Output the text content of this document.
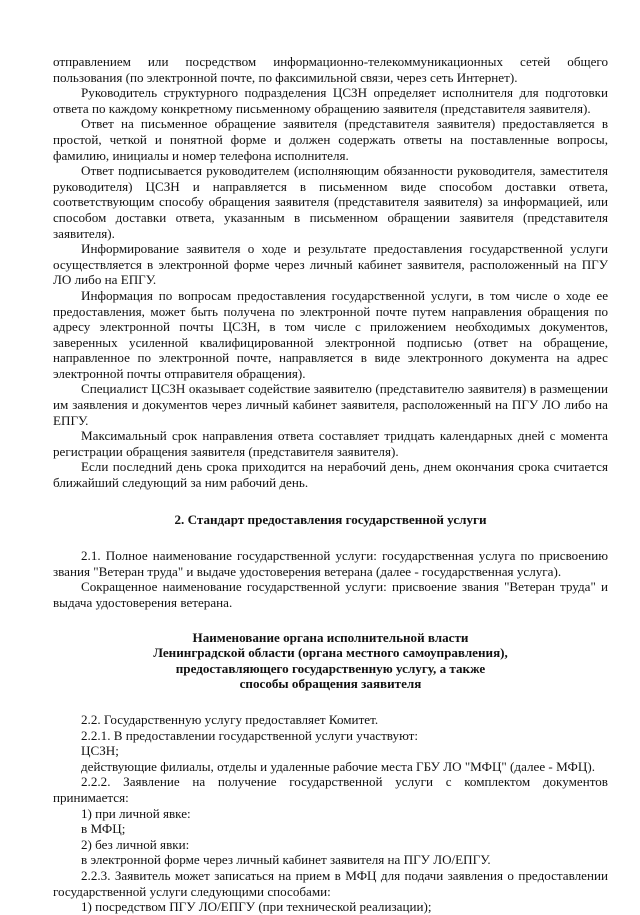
отправлением или посредством информационно-телекоммуникационных сетей общего пользования (по электронной почте, по факсимильной связи, через сеть Интернет).

Руководитель структурного подразделения ЦСЗН определяет исполнителя для подготовки ответа по каждому конкретному письменному обращению заявителя (представителя заявителя).

Ответ на письменное обращение заявителя (представителя заявителя) предоставляется в простой, четкой и понятной форме и должен содержать ответы на поставленные вопросы, фамилию, инициалы и номер телефона исполнителя.

Ответ подписывается руководителем (исполняющим обязанности руководителя, заместителя руководителя) ЦСЗН и направляется в письменном виде способом доставки ответа, соответствующим способу обращения заявителя (представителя заявителя) за информацией, или способом доставки ответа, указанным в письменном обращении заявителя (представителя заявителя).

Информирование заявителя о ходе и результате предоставления государственной услуги осуществляется в электронной форме через личный кабинет заявителя, расположенный на ПГУ ЛО либо на ЕПГУ.

Информация по вопросам предоставления государственной услуги, в том числе о ходе ее предоставления, может быть получена по электронной почте путем направления обращения по адресу электронной почты ЦСЗН, в том числе с приложением необходимых документов, заверенных усиленной квалифицированной электронной подписью (ответ на обращение, направленное по электронной почте, направляется в виде электронного документа на адрес электронной почты отправителя обращения).

Специалист ЦСЗН оказывает содействие заявителю (представителю заявителя) в размещении им заявления и документов через личный кабинет заявителя, расположенный на ПГУ ЛО либо на ЕПГУ.

Максимальный срок направления ответа составляет тридцать календарных дней с момента регистрации обращения заявителя (представителя заявителя).

Если последний день срока приходится на нерабочий день, днем окончания срока считается ближайший следующий за ним рабочий день.

2. Стандарт предоставления государственной услуги

2.1. Полное наименование государственной услуги: государственная услуга по присвоению звания "Ветеран труда" и выдаче удостоверения ветерана (далее - государственная услуга).

Сокращенное наименование государственной услуги: присвоение звания "Ветеран труда" и выдача удостоверения ветерана.

Наименование органа исполнительной власти
Ленинградской области (органа местного самоуправления),
предоставляющего государственную услугу, а также
способы обращения заявителя

2.2. Государственную услугу предоставляет Комитет.

2.2.1. В предоставлении государственной услуги участвуют:

ЦСЗН;

действующие филиалы, отделы и удаленные рабочие места ГБУ ЛО "МФЦ" (далее - МФЦ).

2.2.2. Заявление на получение государственной услуги с комплектом документов принимается:

1) при личной явке:

в МФЦ;

2) без личной явки:

в электронной форме через личный кабинет заявителя на ПГУ ЛО/ЕПГУ.

2.2.3. Заявитель может записаться на прием в МФЦ для подачи заявления о предоставлении государственной услуги следующими способами:

1) посредством ПГУ ЛО/ЕПГУ (при технической реализации);
